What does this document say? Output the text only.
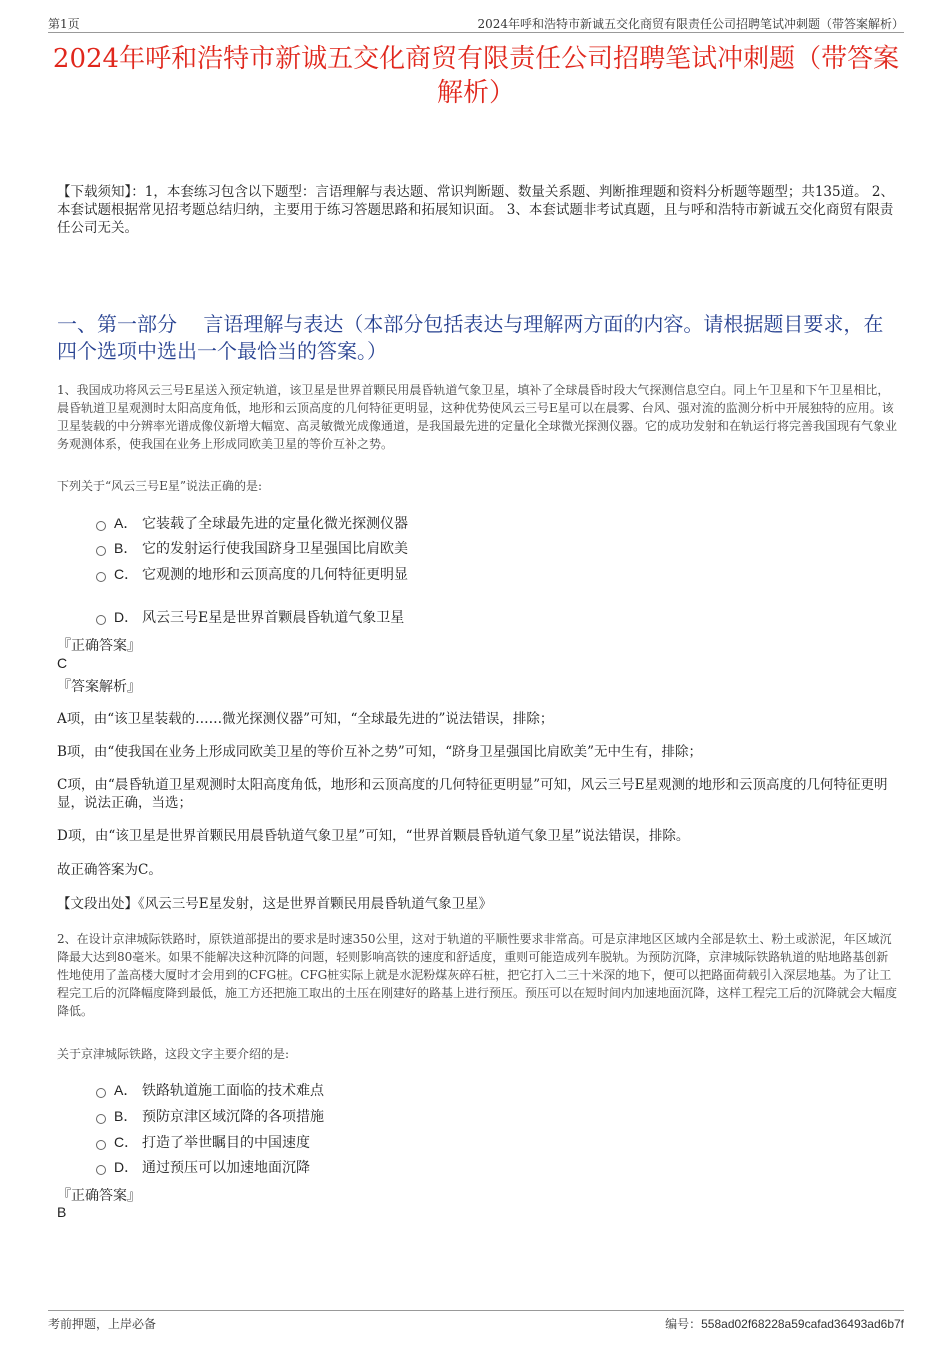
第1页	2024年呼和浩特市新诚五交化商贸有限责任公司招聘笔试冲刺题（带答案解析）
2024年呼和浩特市新诚五交化商贸有限责任公司招聘笔试冲刺题（带答案解析）

【下载须知】：1，本套练习包含以下题型：言语理解与表达题、常识判断题、数量关系题、判断推理题和资料分析题等题型；共135道。 2、本套试题根据常见招考题总结归纳，主要用于练习答题思路和拓展知识面。 3、本套试题非考试真题，且与呼和浩特市新诚五交化商贸有限责任公司无关。

一、第一部分　 言语理解与表达（本部分包括表达与理解两方面的内容。请根据题目要求，在四个选项中选出一个最恰当的答案。）

1、我国成功将风云三号E星送入预定轨道，该卫星是世界首颗民用晨昏轨道气象卫星，填补了全球晨昏时段大气探测信息空白。同上午卫星和下午卫星相比，晨昏轨道卫星观测时太阳高度角低，地形和云顶高度的几何特征更明显，这种优势使风云三号E星可以在晨雾、台风、强对流的监测分析中开展独特的应用。该卫星装载的中分辨率光谱成像仪新增大幅宽、高灵敏微光成像通道，是我国最先进的定量化全球微光探测仪器。它的成功发射和在轨运行将完善我国现有气象业务观测体系，使我国在业务上形成同欧美卫星的等价互补之势。

下列关于“风云三号E星”说法正确的是:

A． 它装载了全球最先进的定量化微光探测仪器
B． 它的发射运行使我国跻身卫星强国比肩欧美
C． 它观测的地形和云顶高度的几何特征更明显
D． 风云三号E星是世界首颗晨昏轨道气象卫星

『正确答案』

C

『答案解析』

A项，由“该卫星装载的……微光探测仪器”可知，“全球最先进的”说法错误，排除；

B项，由“使我国在业务上形成同欧美卫星的等价互补之势”可知，“跻身卫星强国比肩欧美”无中生有，排除；

C项，由“晨昏轨道卫星观测时太阳高度角低，地形和云顶高度的几何特征更明显”可知，风云三号E星观测的地形和云顶高度的几何特征更明显，说法正确，当选；

D项，由“该卫星是世界首颗民用晨昏轨道气象卫星”可知，“世界首颗晨昏轨道气象卫星”说法错误，排除。

故正确答案为C。

【文段出处】《风云三号E星发射，这是世界首颗民用晨昏轨道气象卫星》

2、在设计京津城际铁路时，原铁道部提出的要求是时速350公里，这对于轨道的平顺性要求非常高。可是京津地区区域内全部是软土、粉土或淤泥，年区域沉降最大达到80毫米。如果不能解决这种沉降的问题，轻则影响高铁的速度和舒适度，重则可能造成列车脱轨。为预防沉降，京津城际铁路轨道的贴地路基创新性地使用了盖高楼大厦时才会用到的CFG桩。CFG桩实际上就是水泥粉煤灰碎石桩，把它打入二三十米深的地下，便可以把路面荷载引入深层地基。为了让工程完工后的沉降幅度降到最低，施工方还把施工取出的土压在刚建好的路基上进行预压。预压可以在短时间内加速地面沉降，这样工程完工后的沉降就会大幅度降低。

关于京津城际铁路，这段文字主要介绍的是:

A． 铁路轨道施工面临的技术难点
B． 预防京津区域沉降的各项措施
C． 打造了举世瞩目的中国速度
D． 通过预压可以加速地面沉降

『正确答案』

B

考前押题，上岸必备	编号：558ad02f68228a59cafad36493ad6b7f
